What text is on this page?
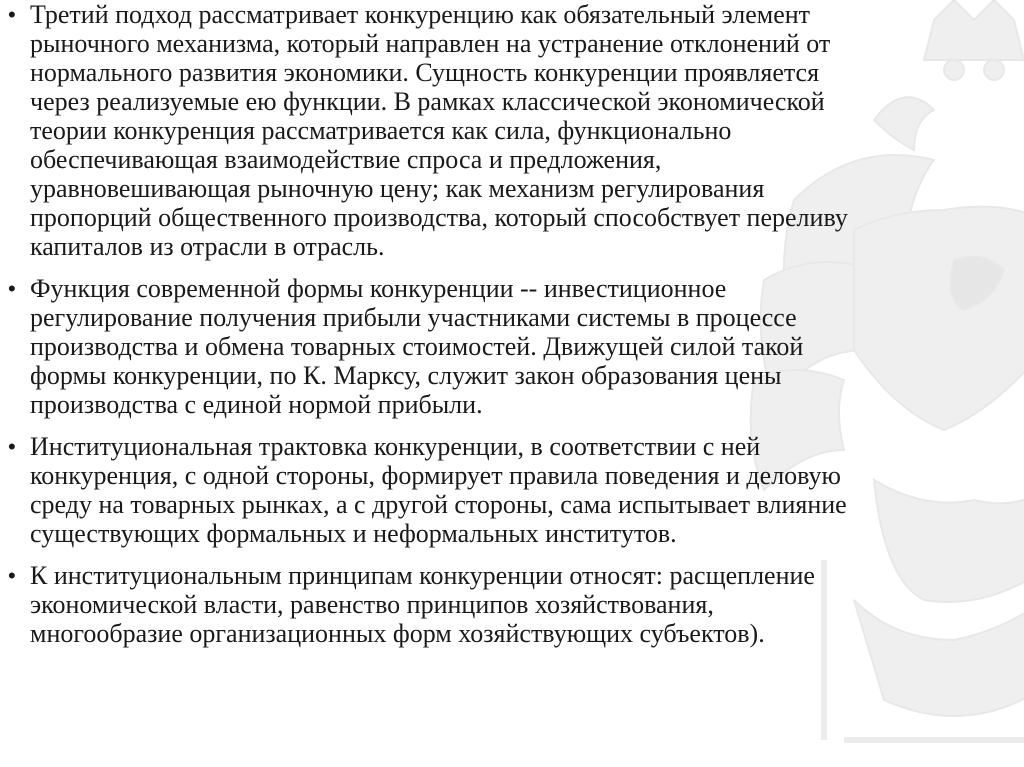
• Третий подход рассматривает конкуренцию как обязательный элемент
рыночного механизма, который направлен на устранение отклонений от
нормального развития экономики. Сущность конкуренции проявляется
через реализуемые ею функции. В рамках классической экономической
теории конкуренция рассматривается как сила, функционально
обеспечивающая взаимодействие спроса и предложения,
уравновешивающая рыночную цену; как механизм регулирования
пропорций общественного производства, который способствует переливу
капиталов из отрасли в отрасль.
• Функция современной формы конкуренции -- инвестиционное
регулирование получения прибыли участниками системы в процессе
производства и обмена товарных стоимостей. Движущей силой такой
формы конкуренции, по К. Марксу, служит закон образования цены
производства с единой нормой прибыли.
• Институциональная трактовка конкуренции, в соответствии с ней
конкуренция, с одной стороны, формирует правила поведения и деловую
среду на товарных рынках, а с другой стороны, сама испытывает влияние
существующих формальных и неформальных институтов.
• К институциональным принципам конкуренции относят: расщепление
экономической власти, равенство принципов хозяйствования,
многообразие организационных форм хозяйствующих субъектов).
